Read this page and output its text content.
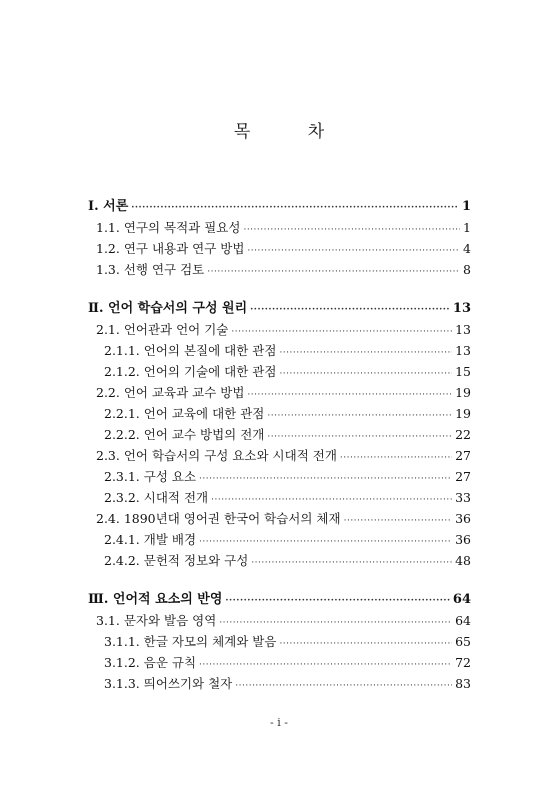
목 차
Ⅰ. 서론 ·····	1
1.1. 연구의 목적과 필요성 ·····	1
1.2. 연구 내용과 연구 방법 ·····	4
1.3. 선행 연구 검토 ·····	8
Ⅱ. 언어 학습서의 구성 원리 ·····	13
2.1. 언어관과 언어 기술 ·····	13
2.1.1. 언어의 본질에 대한 관점 ·····	13
2.1.2. 언어의 기술에 대한 관점 ·····	15
2.2. 언어 교육과 교수 방법 ·····	19
2.2.1. 언어 교육에 대한 관점 ·····	19
2.2.2. 언어 교수 방법의 전개 ·····	22
2.3. 언어 학습서의 구성 요소와 시대적 전개 ·····	27
2.3.1. 구성 요소 ·····	27
2.3.2. 시대적 전개 ·····	33
2.4. 1890년대 영어권 한국어 학습서의 체재 ·····	36
2.4.1. 개발 배경 ·····	36
2.4.2. 문헌적 정보와 구성 ·····	48
Ⅲ. 언어적 요소의 반영 ·····	64
3.1. 문자와 발음 영역 ·····	64
3.1.1. 한글 자모의 체계와 발음 ·····	65
3.1.2. 음운 규칙 ·····	72
3.1.3. 띄어쓰기와 철자 ·····	83
- i -
